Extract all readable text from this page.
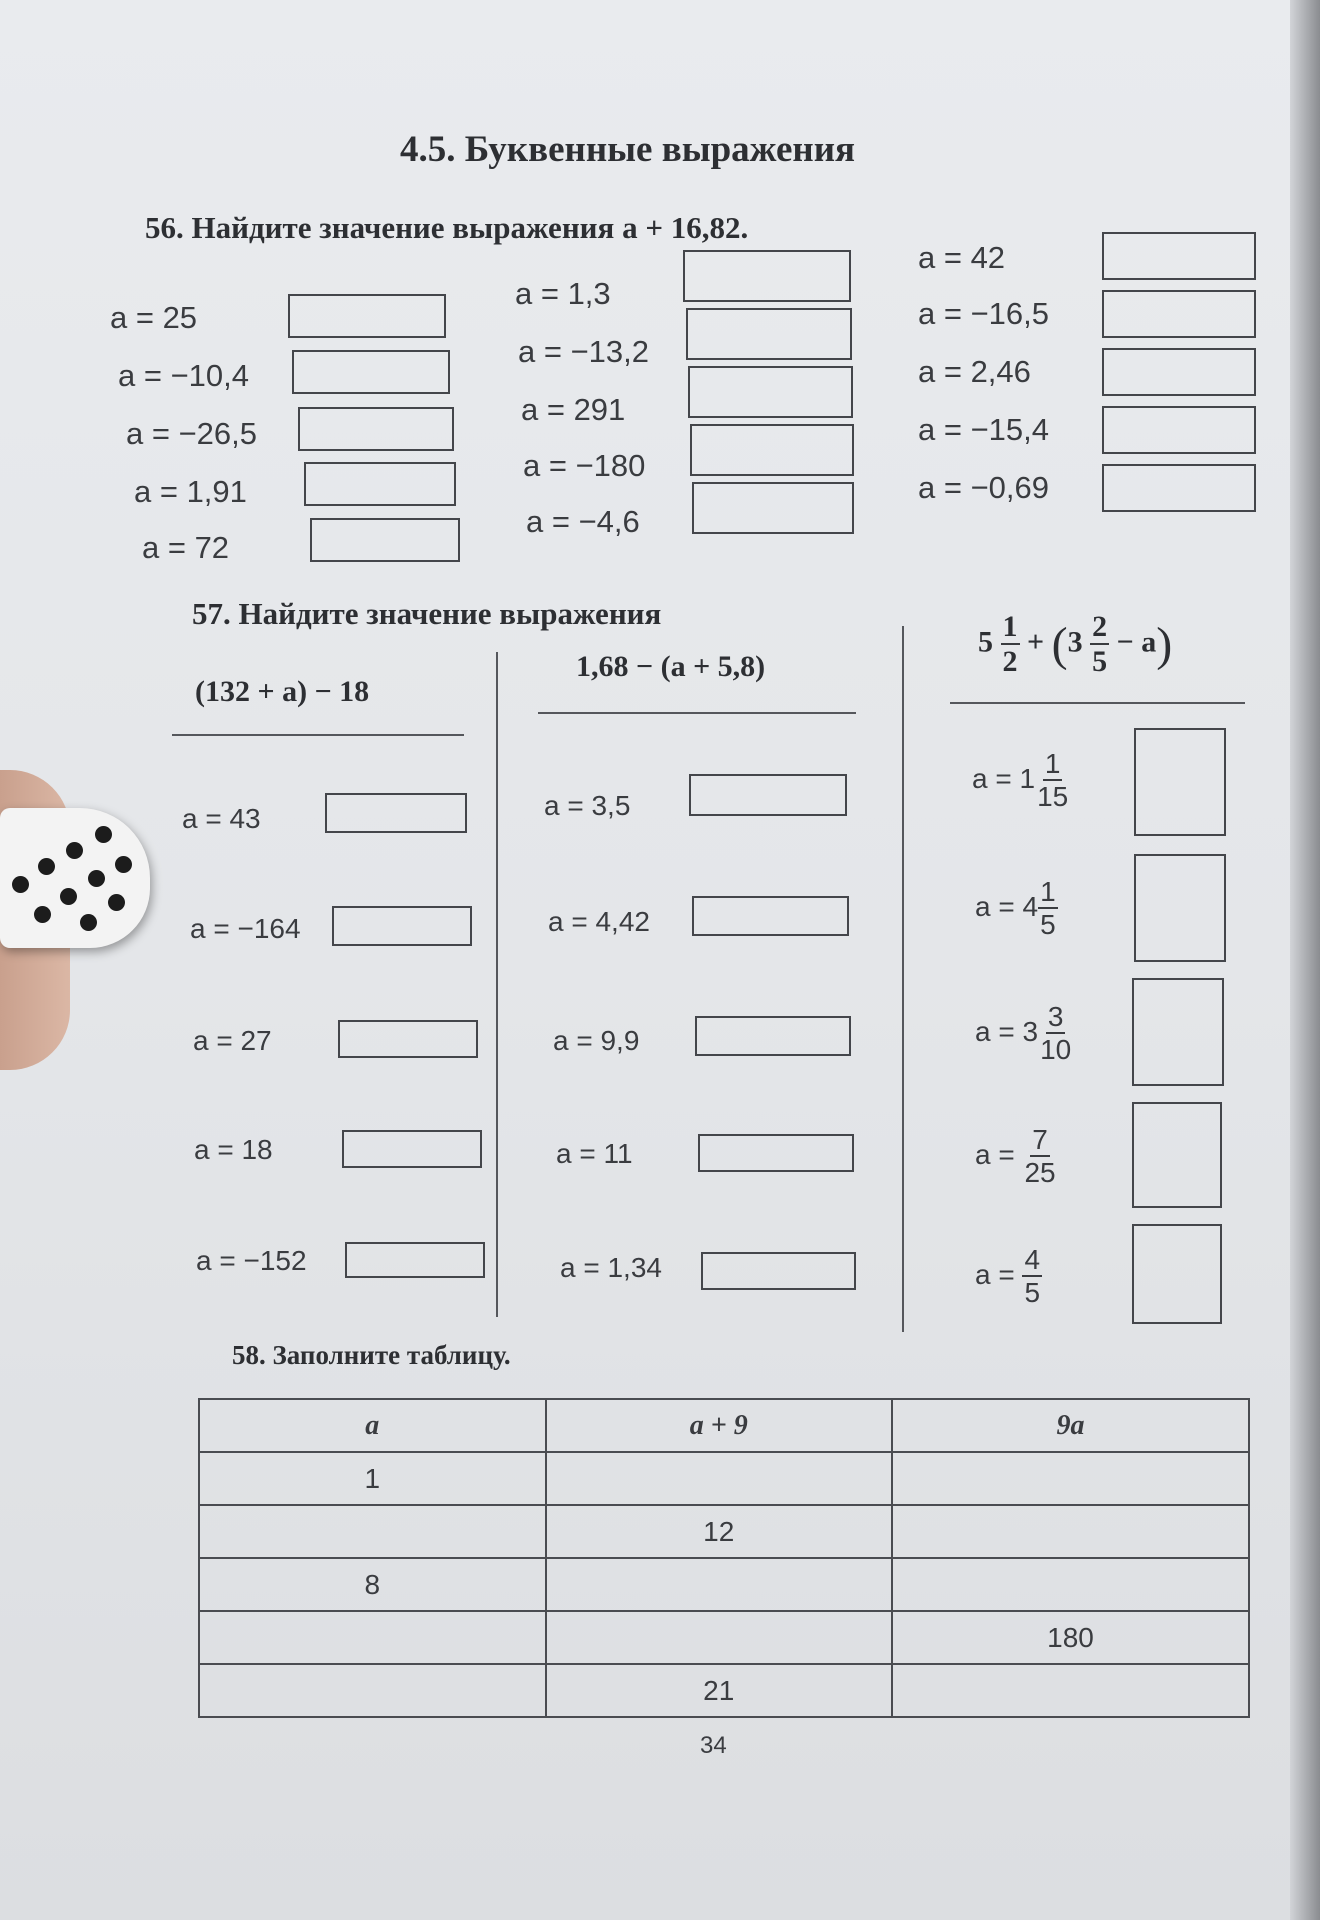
4.5. Буквенные выражения
56. Найдите значение выражения a + 16,82.
a = 25
a = −10,4
a = −26,5
a = 1,91
a = 72
a = 1,3
a = −13,2
a = 291
a = −180
a = −4,6
a = 42
a = −16,5
a = 2,46
a = −15,4
a = −0,69
57. Найдите значение выражения
(132 + a) − 18
1,68 − (a + 5,8)
$5 \frac{1}{2} + (3 \frac{2}{5} - a)$
a = 43
a = −164
a = 27
a = 18
a = −152
a = 3,5
a = 4,42
a = 9,9
a = 11
a = 1,34
$a = 1 \frac{1}{15}$
$a = 4 \frac{1}{5}$
$a = 3 \frac{3}{10}$
$a = \frac{7}{25}$
$a = \frac{4}{5}$
58. Заполните таблицу.
a	a + 9	9a
1		
	12	
8		
		180
	21	
34
